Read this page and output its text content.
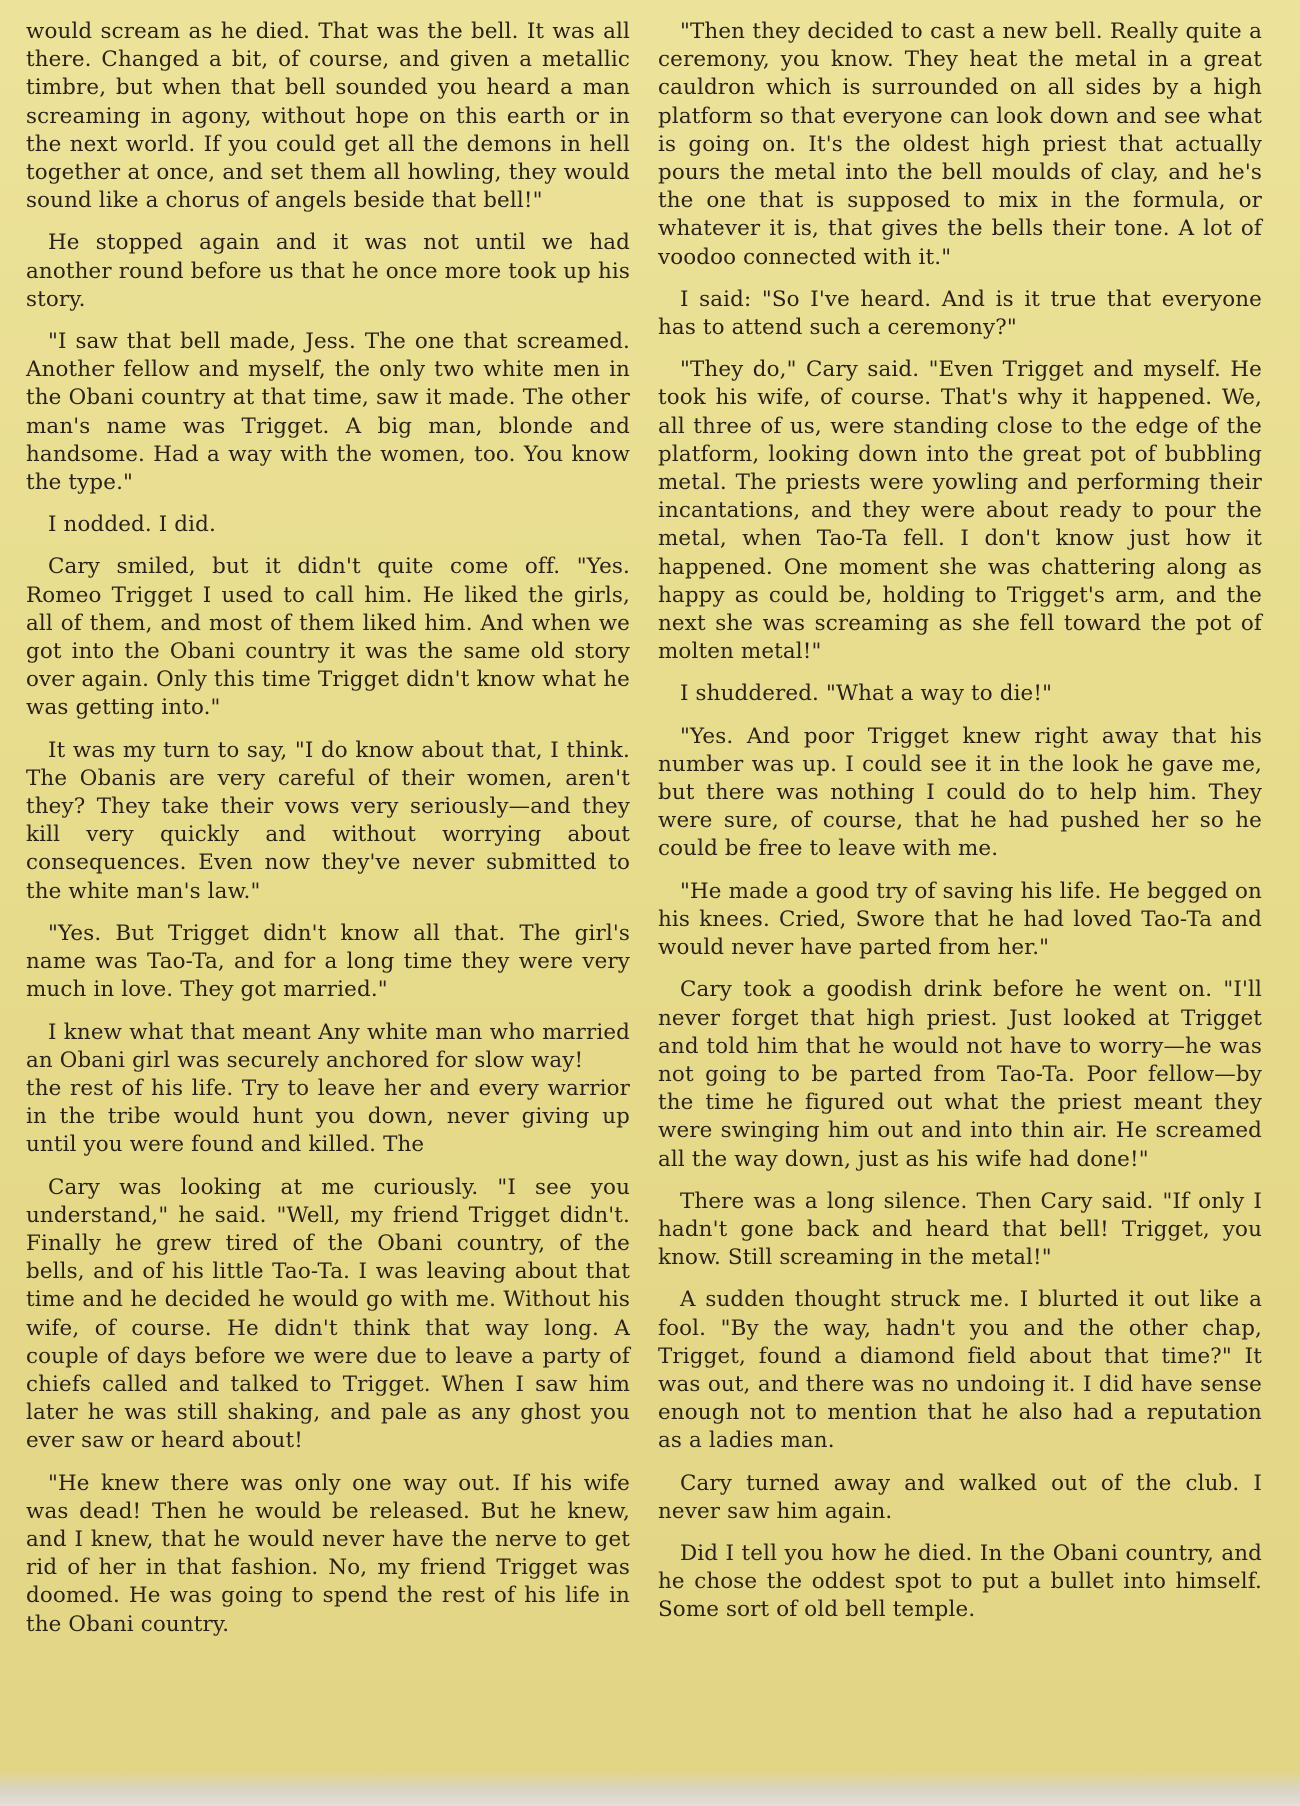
would scream as he died. That was the bell. It was all there. Changed a bit, of course, and given a metallic timbre, but when that bell sounded you heard a man screaming in agony, without hope on this earth or in the next world. If you could get all the demons in hell together at once, and set them all howling, they would sound like a chorus of angels beside that bell!"

He stopped again and it was not until we had another round before us that he once more took up his story.

"I saw that bell made, Jess. The one that screamed. Another fellow and myself, the only two white men in the Obani country at that time, saw it made. The other man's name was Trigget. A big man, blonde and handsome. Had a way with the women, too. You know the type."

I nodded. I did.

Cary smiled, but it didn't quite come off. "Yes. Romeo Trigget I used to call him. He liked the girls, all of them, and most of them liked him. And when we got into the Obani country it was the same old story over again. Only this time Trigget didn't know what he was getting into."

It was my turn to say, "I do know about that, I think. The Obanis are very careful of their women, aren't they? They take their vows very seriously—and they kill very quickly and without worrying about consequences. Even now they've never submitted to the white man's law."

"Yes. But Trigget didn't know all that. The girl's name was Tao-Ta, and for a long time they were very much in love. They got married."

I knew what that meant Any white man who married an Obani girl was securely anchored for slow way!

the rest of his life. Try to leave her and every warrior in the tribe would hunt you down, never giving up until you were found and killed. The

Cary was looking at me curiously. "I see you understand," he said. "Well, my friend Trigget didn't. Finally he grew tired of the Obani country, of the bells, and of his little Tao-Ta. I was leaving about that time and he decided he would go with me. Without his wife, of course. He didn't think that way long. A couple of days before we were due to leave a party of chiefs called and talked to Trigget. When I saw him later he was still shaking, and pale as any ghost you ever saw or heard about!

"He knew there was only one way out. If his wife was dead! Then he would be released. But he knew, and I knew, that he would never have the nerve to get rid of her in that fashion. No, my friend Trigget was doomed. He was going to spend the rest of his life in the Obani country.

"Then they decided to cast a new bell. Really quite a ceremony, you know. They heat the metal in a great cauldron which is surrounded on all sides by a high platform so that everyone can look down and see what is going on. It's the oldest high priest that actually pours the metal into the bell moulds of clay, and he's the one that is supposed to mix in the formula, or whatever it is, that gives the bells their tone. A lot of voodoo connected with it."

I said: "So I've heard. And is it true that everyone has to attend such a ceremony?"

"They do," Cary said. "Even Trigget and myself. He took his wife, of course. That's why it happened. We, all three of us, were standing close to the edge of the platform, looking down into the great pot of bubbling metal. The priests were yowling and performing their incantations, and they were about ready to pour the metal, when Tao-Ta fell. I don't know just how it happened. One moment she was chattering along as happy as could be, holding to Trigget's arm, and the next she was screaming as she fell toward the pot of molten metal!"

I shuddered. "What a way to die!"

"Yes. And poor Trigget knew right away that his number was up. I could see it in the look he gave me, but there was nothing I could do to help him. They were sure, of course, that he had pushed her so he could be free to leave with me.

"He made a good try of saving his life. He begged on his knees. Cried, Swore that he had loved Tao-Ta and would never have parted from her."

Cary took a goodish drink before he went on. "I'll never forget that high priest. Just looked at Trigget and told him that he would not have to worry—he was not going to be parted from Tao-Ta. Poor fellow—by the time he figured out what the priest meant they were swinging him out and into thin air. He screamed all the way down, just as his wife had done!"

There was a long silence. Then Cary said. "If only I hadn't gone back and heard that bell! Trigget, you know. Still screaming in the metal!"

A sudden thought struck me. I blurted it out like a fool. "By the way, hadn't you and the other chap, Trigget, found a diamond field about that time?" It was out, and there was no undoing it. I did have sense enough not to mention that he also had a reputation as a ladies man.

Cary turned away and walked out of the club. I never saw him again.

Did I tell you how he died. In the Obani country, and he chose the oddest spot to put a bullet into himself. Some sort of old bell temple.
